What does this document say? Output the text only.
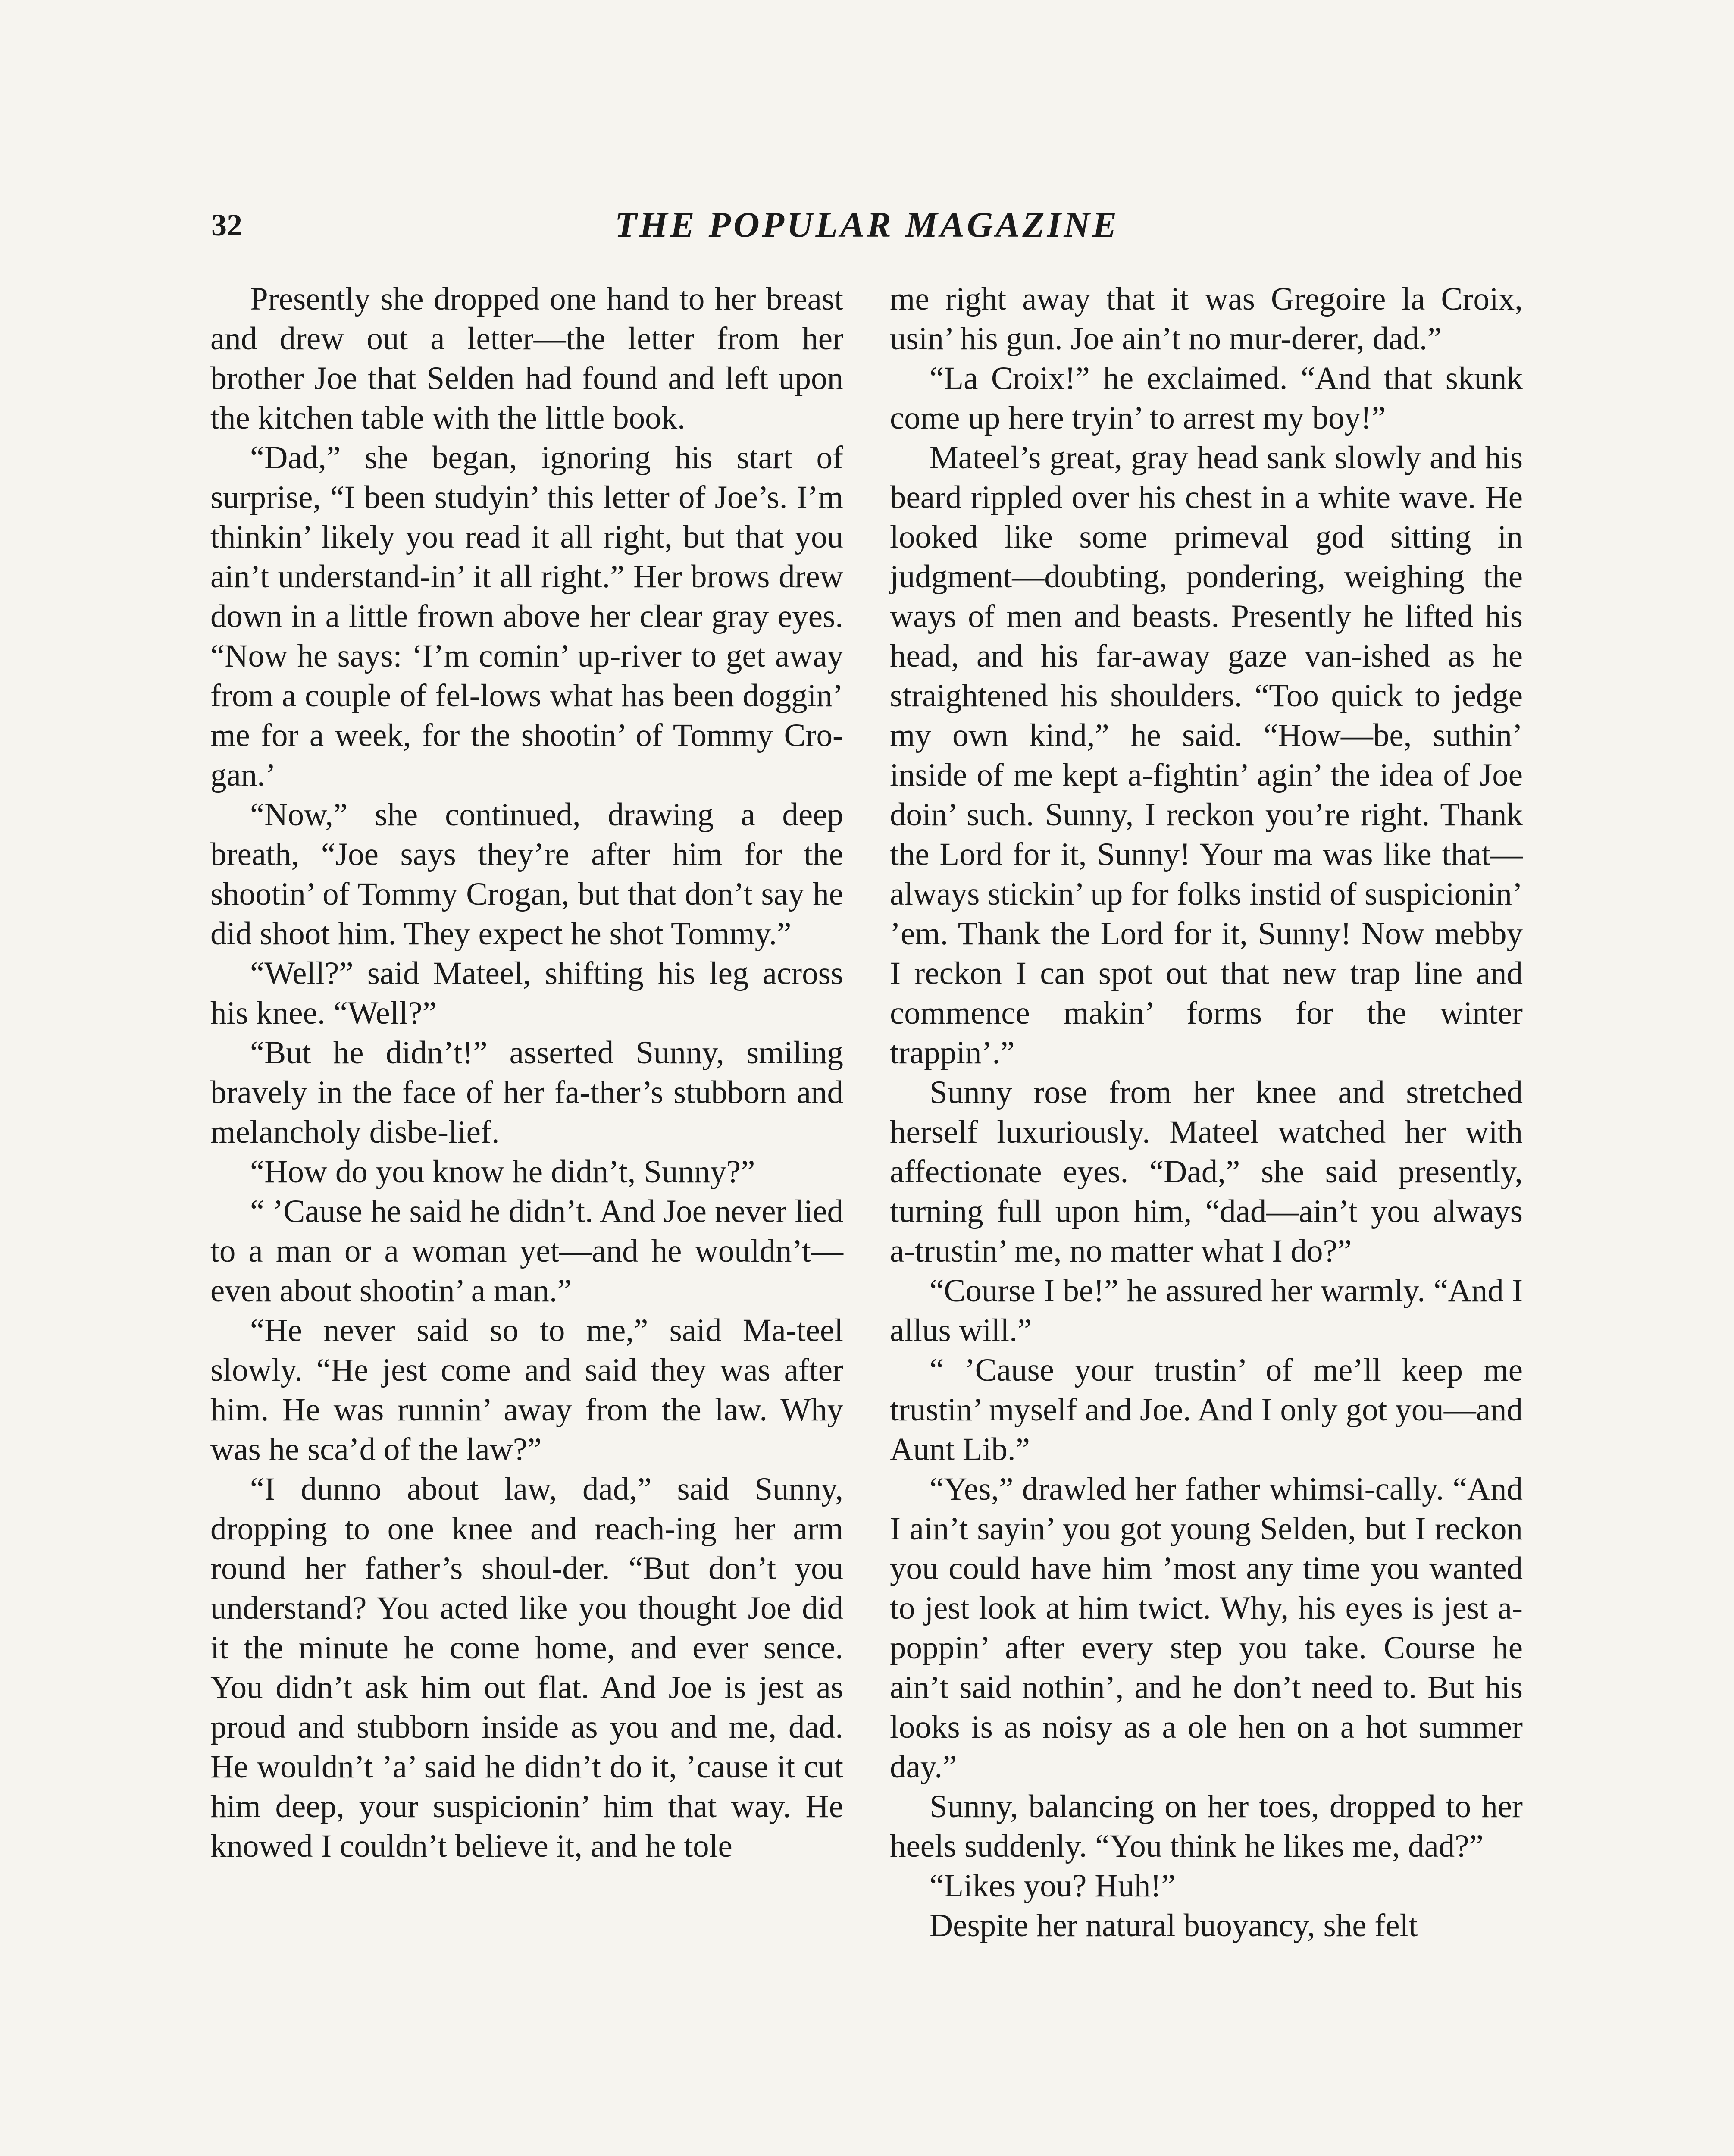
32	THE POPULAR MAGAZINE

Presently she dropped one hand to her breast and drew out a letter—the letter from her brother Joe that Selden had found and left upon the kitchen table with the little book.

“Dad,” she began, ignoring his start of surprise, “I been studyin’ this letter of Joe’s. I’m thinkin’ likely you read it all right, but that you ain’t understand-in’ it all right.” Her brows drew down in a little frown above her clear gray eyes. “Now he says: ‘I’m comin’ up-river to get away from a couple of fel-lows what has been doggin’ me for a week, for the shootin’ of Tommy Cro-gan.’

“Now,” she continued, drawing a deep breath, “Joe says they’re after him for the shootin’ of Tommy Crogan, but that don’t say he did shoot him. They expect he shot Tommy.”

“Well?” said Mateel, shifting his leg across his knee. “Well?”

“But he didn’t!” asserted Sunny, smiling bravely in the face of her fa-ther’s stubborn and melancholy disbe-lief.

“How do you know he didn’t, Sunny?”

“ ’Cause he said he didn’t. And Joe never lied to a man or a woman yet—and he wouldn’t—even about shootin’ a man.”

“He never said so to me,” said Ma-teel slowly. “He jest come and said they was after him. He was runnin’ away from the law. Why was he sca’d of the law?”

“I dunno about law, dad,” said Sunny, dropping to one knee and reach-ing her arm round her father’s shoul-der. “But don’t you understand? You acted like you thought Joe did it the minute he come home, and ever sence. You didn’t ask him out flat. And Joe is jest as proud and stubborn inside as you and me, dad. He wouldn’t ’a’ said he didn’t do it, ’cause it cut him deep, your suspicionin’ him that way. He knowed I couldn’t believe it, and he tole

me right away that it was Gregoire la Croix, usin’ his gun. Joe ain’t no mur-derer, dad.”

“La Croix!” he exclaimed. “And that skunk come up here tryin’ to arrest my boy!”

Mateel’s great, gray head sank slowly and his beard rippled over his chest in a white wave. He looked like some primeval god sitting in judgment—doubting, pondering, weighing the ways of men and beasts. Presently he lifted his head, and his far-away gaze van-ished as he straightened his shoulders. “Too quick to jedge my own kind,” he said. “How—be, suthin’ inside of me kept a-fightin’ agin’ the idea of Joe doin’ such. Sunny, I reckon you’re right. Thank the Lord for it, Sunny! Your ma was like that—always stickin’ up for folks instid of suspicionin’ ’em. Thank the Lord for it, Sunny! Now mebby I reckon I can spot out that new trap line and commence makin’ forms for the winter trappin’.”

Sunny rose from her knee and stretched herself luxuriously. Mateel watched her with affectionate eyes. “Dad,” she said presently, turning full upon him, “dad—ain’t you always a-trustin’ me, no matter what I do?”

“Course I be!” he assured her warmly. “And I allus will.”

“ ’Cause your trustin’ of me’ll keep me trustin’ myself and Joe. And I only got you—and Aunt Lib.”

“Yes,” drawled her father whimsi-cally. “And I ain’t sayin’ you got young Selden, but I reckon you could have him ’most any time you wanted to jest look at him twict. Why, his eyes is jest a-poppin’ after every step you take. Course he ain’t said nothin’, and he don’t need to. But his looks is as noisy as a ole hen on a hot summer day.”

Sunny, balancing on her toes, dropped to her heels suddenly. “You think he likes me, dad?”

“Likes you? Huh!”

Despite her natural buoyancy, she felt
